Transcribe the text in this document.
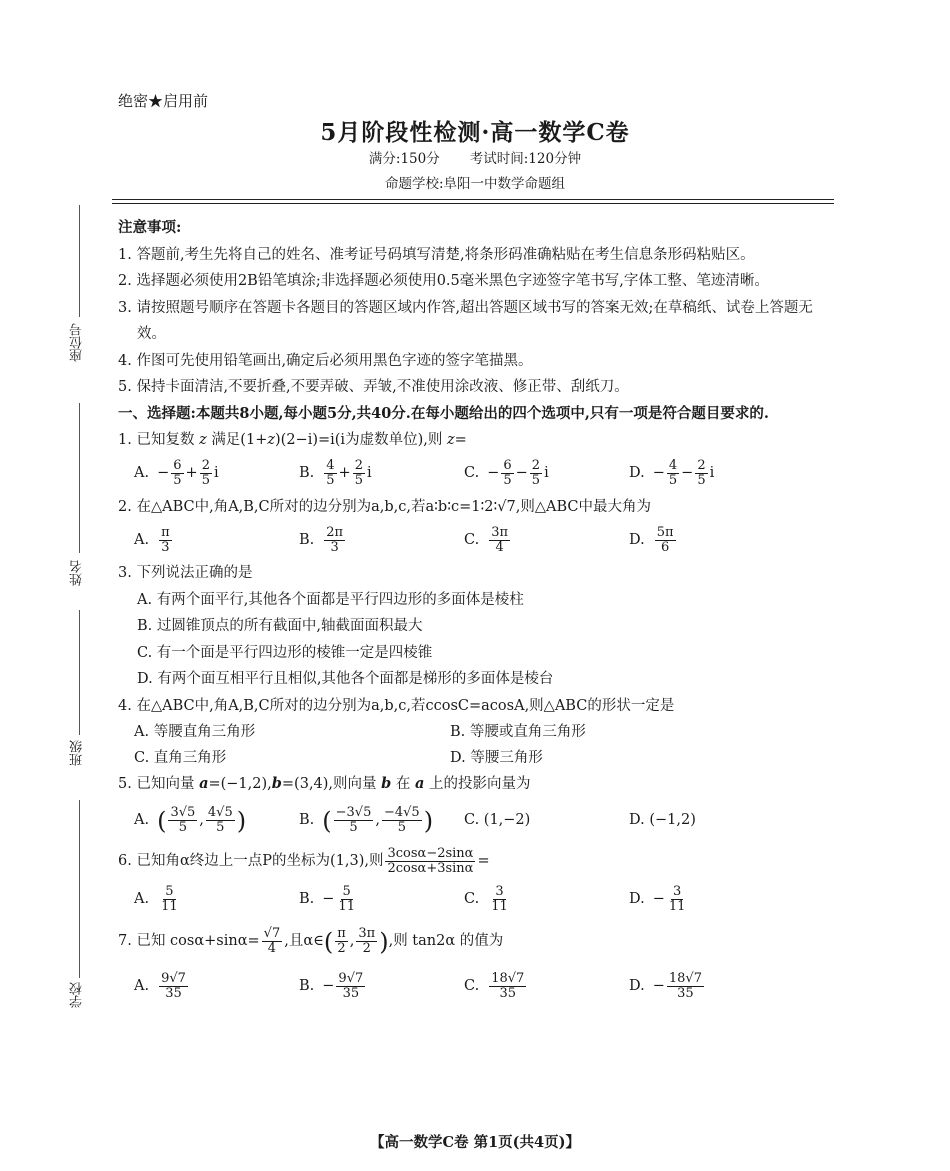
绝密★启用前
5月阶段性检测·高一数学C卷
满分:150分 考试时间:120分钟
命题学校:阜阳一中数学命题组
座位号
姓名
班级
学校

注意事项:

1. 答题前,考生先将自己的姓名、准考证号码填写清楚,将条形码准确粘贴在考生信息条形码粘贴区。

2. 选择题必须使用2B铅笔填涂;非选择题必须使用0.5毫米黑色字迹签字笔书写,字体工整、笔迹清晰。

3. 请按照题号顺序在答题卡各题目的答题区域内作答,超出答题区域书写的答案无效;在草稿纸、试卷上答题无效。

4. 作图可先使用铅笔画出,确定后必须用黑色字迹的签字笔描黑。

5. 保持卡面清洁,不要折叠,不要弄破、弄皱,不准使用涂改液、修正带、刮纸刀。

一、选择题:本题共8小题,每小题5分,共40分.在每小题给出的四个选项中,只有一项是符合题目要求的.

1. 已知复数 z 满足(1+z)(2−i)=i(i为虚数单位),则 z=

A. − $\frac{6}{5} + \frac{2}{5}$ i	B. $\frac{4}{5} + \frac{2}{5}$ i	C. − $\frac{6}{5} - \frac{2}{5}$ i	D. − $\frac{4}{5} - \frac{2}{5}$ i

2. 在△ABC中,角A,B,C所对的边分别为a,b,c,若a∶b∶c=1∶2∶√7,则△ABC中最大角为

A. $\frac{\pi}{3}$	B. $\frac{2\pi}{3}$	C. $\frac{3\pi}{4}$	D. $\frac{5\pi}{6}$

3. 下列说法正确的是

A. 有两个面平行,其他各个面都是平行四边形的多面体是棱柱

B. 过圆锥顶点的所有截面中,轴截面面积最大

C. 有一个面是平行四边形的棱锥一定是四棱锥

D. 有两个面互相平行且相似,其他各个面都是梯形的多面体是棱台

4. 在△ABC中,角A,B,C所对的边分别为a,b,c,若ccosC=acosA,则△ABC的形状一定是

A. 等腰直角三角形	B. 等腰或直角三角形
C. 直角三角形	D. 等腰三角形

5. 已知向量 a=(−1,2),b=(3,4),则向量 b 在 a 上的投影向量为

A. ( $\frac{3√5}{5}$ , $\frac{4√5}{5}$ )	B. ( $\frac{-3√5}{5}$ , $\frac{-4√5}{5}$ ) C. (1,−2)	D. (−1,2)

6. 已知角α终边上一点P的坐标为(1,3),则 $\frac{3\cos\alpha-2\sin\alpha}{2\cos\alpha+3\sin\alpha}$ =

A. $\frac{5}{11}$	B. − $\frac{5}{11}$	C. $\frac{3}{11}$	D. − $\frac{3}{11}$

7. 已知 $\cos\alpha+\sin\alpha= \frac{√7}{4}$ ,且α∈ ( $\frac{\pi}{2}$ , $\frac{3\pi}{2}$ ) ,则 tan2α 的值为

A. $\frac{9√7}{35}$	B. − $\frac{9√7}{35}$	C. $\frac{18√7}{35}$	D. − $\frac{18√7}{35}$
【高一数学C卷 第1页(共4页)】
